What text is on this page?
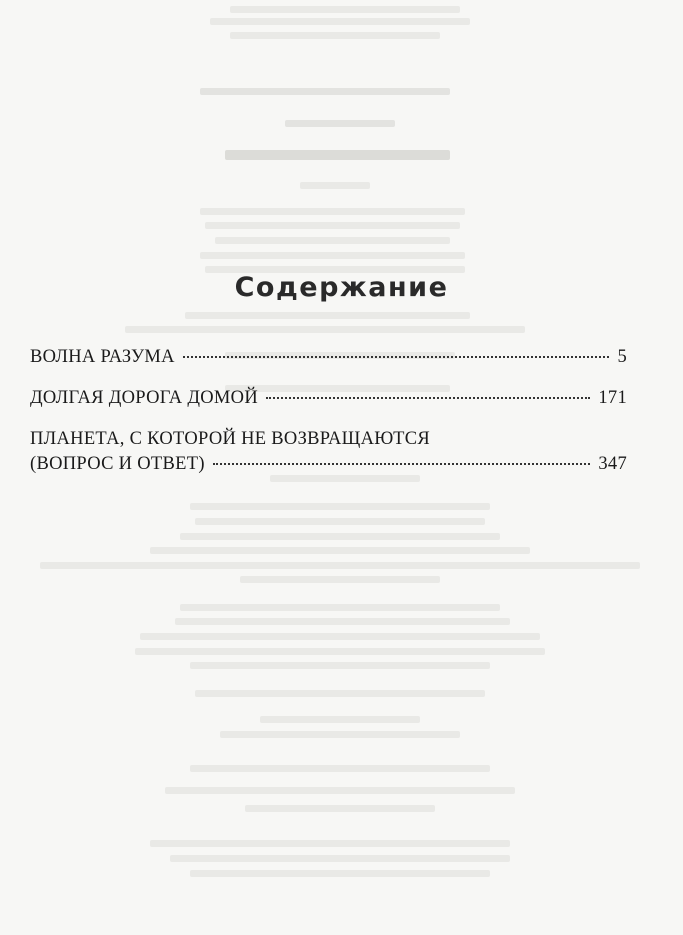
Содержание
ВОЛНА РАЗУМА	5
ДОЛГАЯ ДОРОГА ДОМОЙ	171
ПЛАНЕТА, С КОТОРОЙ НЕ ВОЗВРАЩАЮТСЯ
(ВОПРОС И ОТВЕТ)	347
